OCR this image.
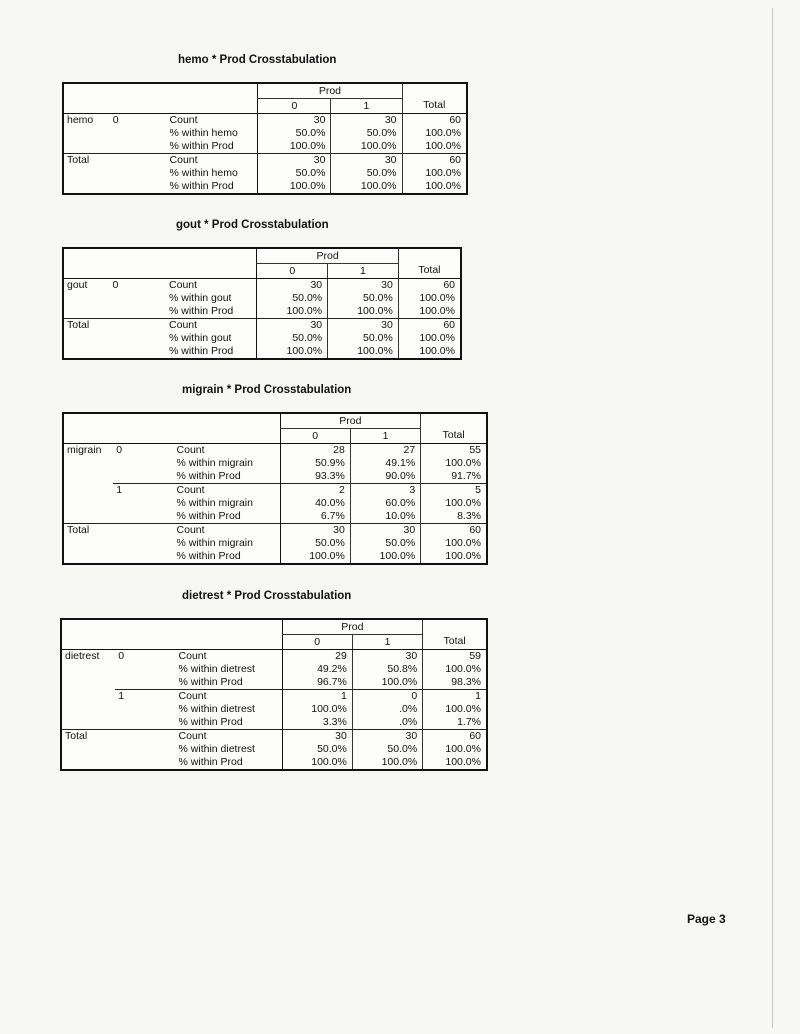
hemo * Prod Crosstabulation
			Prod		
			0	1	Total
hemo	0	Count	30	30	60
		% within hemo	50.0%	50.0%	100.0%
		% within Prod	100.0%	100.0%	100.0%
Total		Count	30	30	60
		% within hemo	50.0%	50.0%	100.0%
		% within Prod	100.0%	100.0%	100.0%
gout * Prod Crosstabulation
			Prod		
			0	1	Total
gout	0	Count	30	30	60
		% within gout	50.0%	50.0%	100.0%
		% within Prod	100.0%	100.0%	100.0%
Total		Count	30	30	60
		% within gout	50.0%	50.0%	100.0%
		% within Prod	100.0%	100.0%	100.0%
migrain * Prod Crosstabulation
			Prod		
			0	1	Total
migrain	0	Count	28	27	55
		% within migrain	50.9%	49.1%	100.0%
		% within Prod	93.3%	90.0%	91.7%
	1	Count	2	3	5
		% within migrain	40.0%	60.0%	100.0%
		% within Prod	6.7%	10.0%	8.3%
Total		Count	30	30	60
		% within migrain	50.0%	50.0%	100.0%
		% within Prod	100.0%	100.0%	100.0%
dietrest * Prod Crosstabulation
			Prod		
			0	1	Total
dietrest	0	Count	29	30	59
		% within dietrest	49.2%	50.8%	100.0%
		% within Prod	96.7%	100.0%	98.3%
	1	Count	1	0	1
		% within dietrest	100.0%	.0%	100.0%
		% within Prod	3.3%	.0%	1.7%
Total		Count	30	30	60
		% within dietrest	50.0%	50.0%	100.0%
		% within Prod	100.0%	100.0%	100.0%
Page 3
